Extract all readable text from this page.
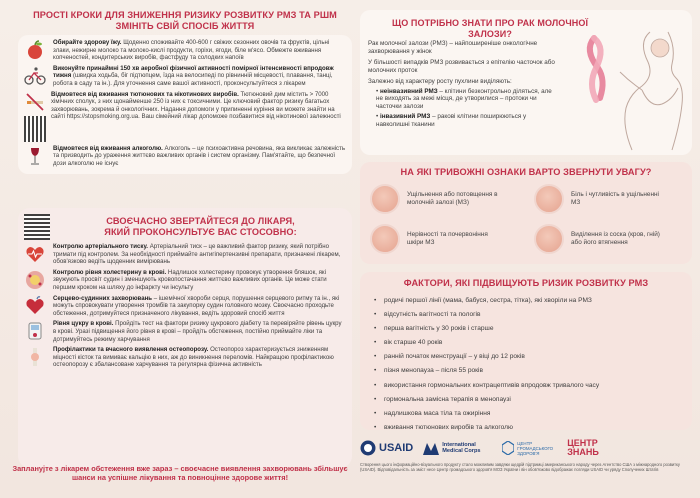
ПРОСТІ КРОКИ ДЛЯ ЗНИЖЕННЯ РИЗИКУ РОЗВИТКУ РМЗ ТА РШМ
ЗМІНІТЬ СВІЙ СПОСІБ ЖИТТЯ
Обирайте здорову їжу. Щоденно споживайте 400-600 г свіжих сезонних овочів та фруктів, цільні злаки, нежирне молоко та молоко-кислі продукти, горіхи, ягоди, біле м'ясо. Обмежте вживання копченостей, кондитерських виробів, фастфуду та солодких напоїв
Виконуйте принаймні 150 хв аеробної фізичної активності помірної інтенсивності впродовж тижня (швидка ходьба, біг підтюпцем, їзда на велосипеді по рівнинній місцевості, плавання, танці, робота в саду та ін.). Для уточнення саме вашої активності, проконсультуйтеся з лікарем
Відмовтеся від вживання тютюнових та нікотинових виробів. Тютюновий дим містить > 7000 хімічних сполук, з них щонайменше 250 із них є токсичними. Це ключовий фактор ризику багатьох захворювань, зокрема й онкологічних. Надання допомоги у припиненні куріння ви можете знайти на сайті https://stopsmoking.org.ua. Ваш сімейний лікар допоможе позбавитися від нікотинової залежності
Відмовтеся від вживання алкоголю. Алкоголь – це психоактивна речовина, яка викликає залежність та призводить до ураження життєво важливих органів і систем організму. Пам'ятайте, що безпечної дози алкоголю не існує
СВОЄЧАСНО ЗВЕРТАЙТЕСЯ ДО ЛІКАРЯ,
ЯКИЙ ПРОКОНСУЛЬТУЄ ВАС СТОСОВНО:
Контролю артеріального тиску. Артеріальний тиск – це важливий фактор ризику, який потрібно тримати під контролем. За необхідності приймайте антигіпертензивні препарати, призначені лікарем, обов'язково ведіть щоденник вимірювань
Контролю рівня холестерину в крові. Надлишок холестерину провокує утворення бляшок, які звужують просвіт судин і зменшують кровопостачання життєво важливих органів. Це може стати першим кроком на шляху до інфаркту чи інсульту
Серцево-судинних захворювань – ішемічної хвороби серця, порушення серцевого ритму та ін., які можуть спровокувати утворення тромбів та закупорку судин головного мозку. Своєчасно проходьте обстеження, дотримуйтеся призначеного лікування, ведіть здоровий спосіб життя
Рівня цукру в крові. Пройдіть тест на фактори ризику цукрового діабету та перевіряйте рівень цукру в крові. Уразі підвищення його рівня в крові – пройдіть обстеження, постійно приймайте ліки та дотримуйтесь режиму харчування
Профілактики та вчасного виявлення остеопорозу. Остеопороз характеризується зниженням міцності кісток та вимиває кальцію в них, аж до виникнення переломів. Найкращою профілактикою остеопорозу є збалансоване харчування та регулярна фізична активність
Запланујте з лікарем обстеження вже зараз – своєчасне виявлення захворювань збільшує шанси на успішне лікування та повноцінне здорове життя!
ЩО ПОТРІБНО ЗНАТИ ПРО РАК МОЛОЧНОЇ ЗАЛОЗИ?

Рак молочної залози (РМЗ) – найпоширеніше онкологічне захворювання у жінок

У більшості випадків РМЗ розвивається з епітелію часточок або молочних проток

Залежно від характеру росту пухлини виділяють:

• неінвазивний РМЗ – клітини безконтрольно діляться, але не виходять за межі місця, де утворилися – протоки чи часточки залози

• інвазивний РМЗ – ракові клітини поширюються у навколишні тканини

НА ЯКІ ТРИВОЖНІ ОЗНАКИ ВАРТО ЗВЕРНУТИ УВАГУ?
Ущільнення або потовщення в молочній залозі (МЗ)
Біль і чутливість в ущільненні МЗ
Нерівності та почервоніння шкіри МЗ
Виділення із соска (кров, гній) або його втягнення
ФАКТОРИ, ЯКІ ПІДВИЩУЮТЬ РИЗИК РОЗВИТКУ РМЗ
• родичі першої лінії (мама, бабуся, сестра, тітка), які хворіли на РМЗ
• відсутність вагітності та пологів
• перша вагітність у 30 років і старше
• вік старше 40 років
• ранній початок менструації – у віці до 12 років
• пізня менопауза – після 55 років
• використання гормональних контрацептивів впродовж тривалого часу
• гормональна замісна терапія в менопаузі
• надлишкова маса тіла та ожиріння
• вживання тютюнових виробів та алкоголю
USAID	International Medical Corps
ЦЕНТР ГРОМАДСЬКОГО ЗДОРОВ'Я
ЦЕНТР ЗНАНЬ
Створення цього інформаційно-візуального продукту стало можливим завдяки щедрій підтримці американського народу через Агентство США з міжнародного розвитку (USAID). Відповідальність за зміст несе Центр громадського здоров'я МОЗ України і він обов'язково відображає погляди USAID чи уряду Сполучених Штатів
